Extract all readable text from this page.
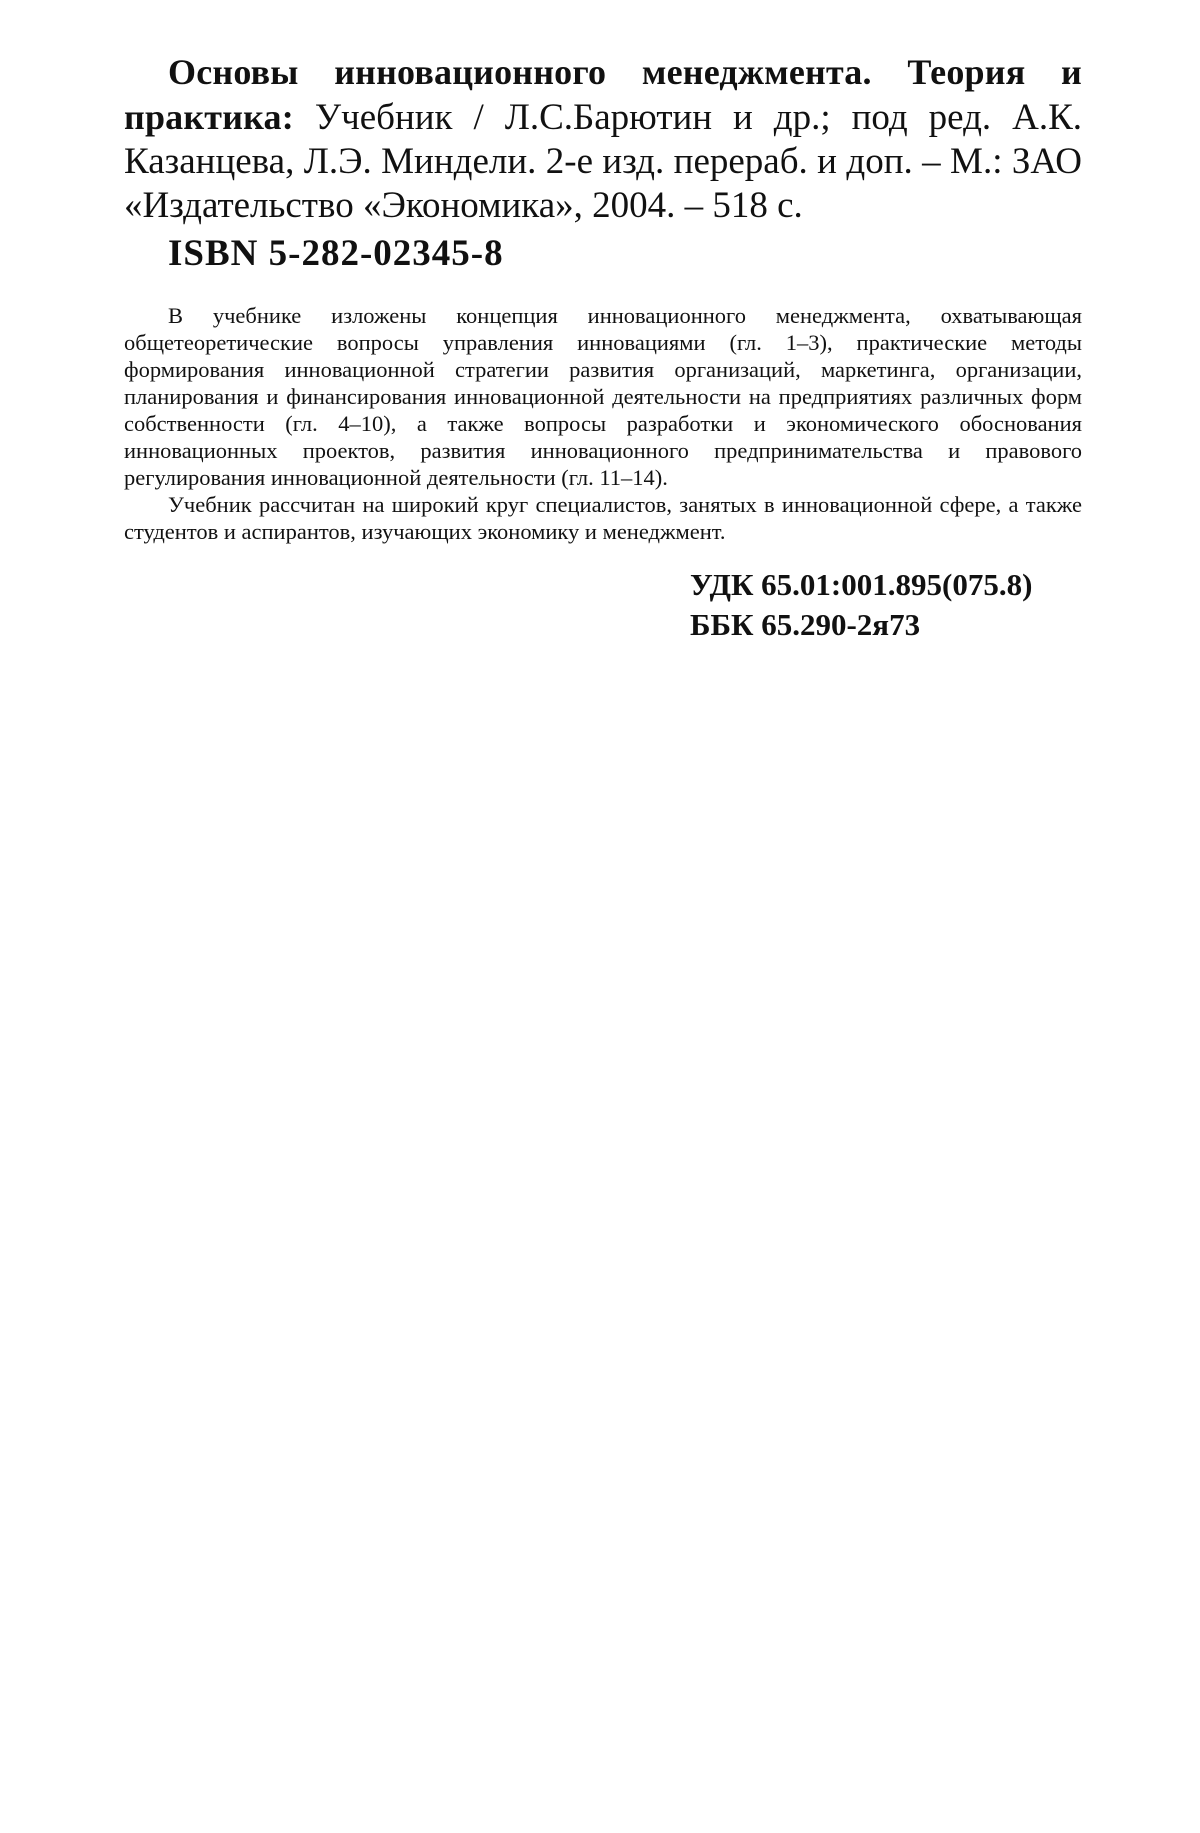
Основы инновационного менеджмента. Теория и практика: Учебник / Л.С.Барютин и др.; под ред. А.К. Казанцева, Л.Э. Миндели. 2-е изд. перераб. и доп. – М.: ЗАО «Издательство «Экономика», 2004. – 518 с.
ISBN 5-282-02345-8

В учебнике изложены концепция инновационного менеджмента, охватывающая общетеоретические вопросы управления инновациями (гл. 1–3), практические методы формирования инновационной стратегии развития организаций, маркетинга, организации, планирования и финансирования инновационной деятельности на предприятиях различных форм собственности (гл. 4–10), а также вопросы разработки и экономического обоснования инновационных проектов, развития инновационного предпринимательства и правового регулирования инновационной деятельности (гл. 11–14).

Учебник рассчитан на широкий круг специалистов, занятых в инновационной сфере, а также студентов и аспирантов, изучающих экономику и менеджмент.

УДК 65.01:001.895(075.8)
ББК 65.290-2я73
